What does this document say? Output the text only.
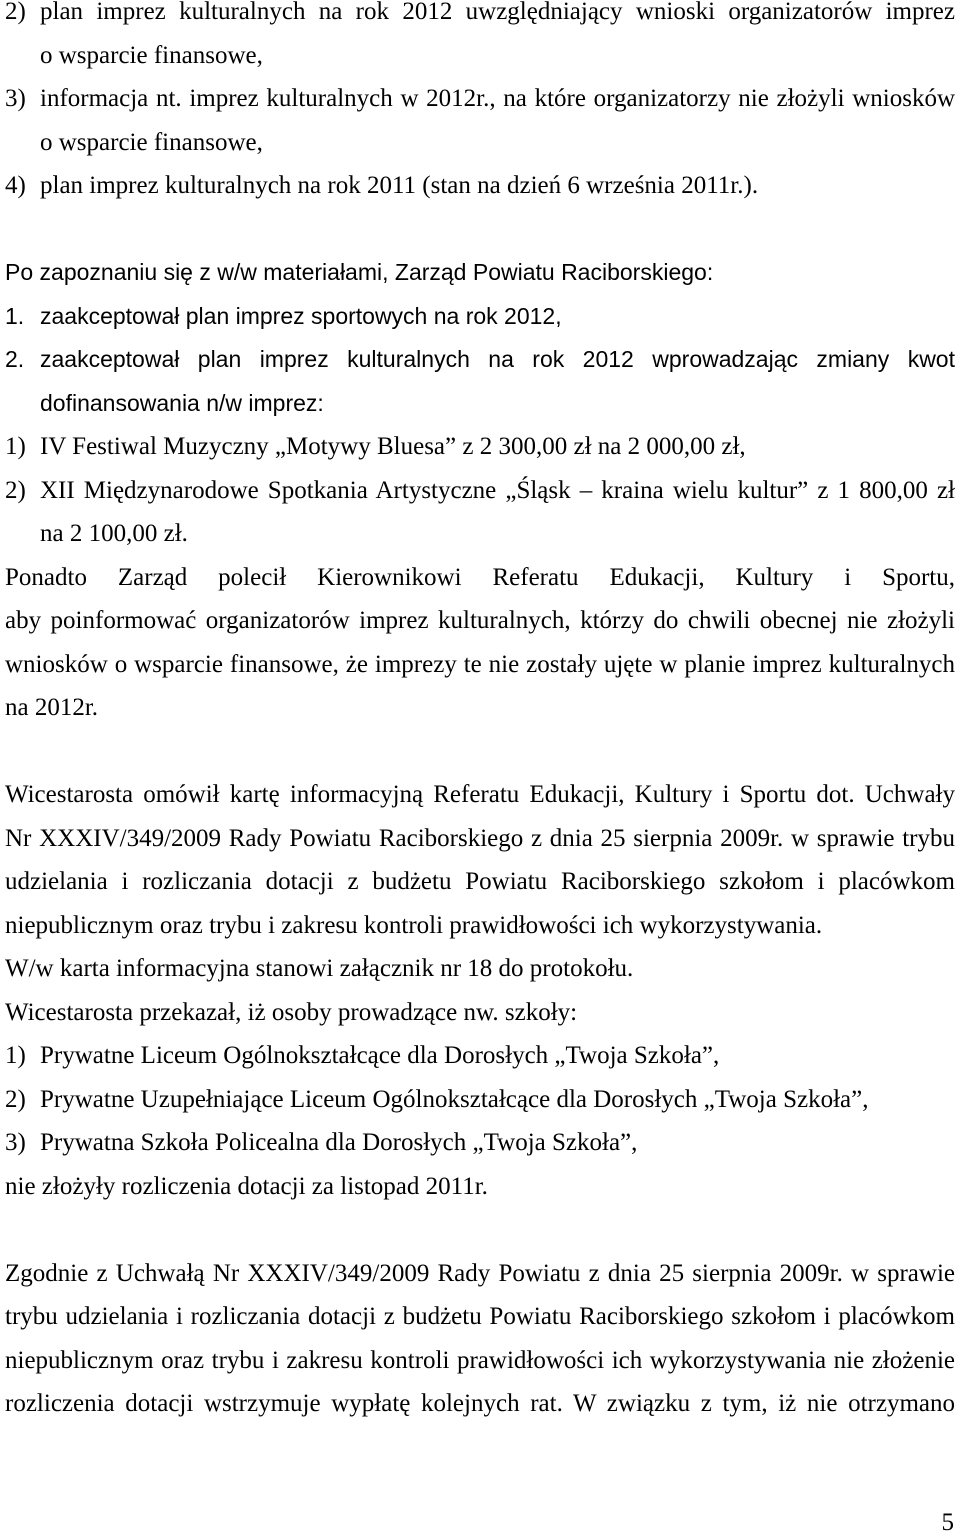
2) plan imprez kulturalnych na rok 2012 uwzględniający wnioski organizatorów imprez
o wsparcie finansowe,
3) informacja nt. imprez kulturalnych w 2012r., na które organizatorzy nie złożyli wniosków
o wsparcie finansowe,
4) plan imprez kulturalnych na rok 2011 (stan na dzień 6 września 2011r.).
Po zapoznaniu się z w/w materiałami, Zarząd Powiatu Raciborskiego:
1. zaakceptował plan imprez sportowych na rok 2012,
2. zaakceptował plan imprez kulturalnych na rok 2012 wprowadzając zmiany kwot
dofinansowania n/w imprez:
1) IV Festiwal Muzyczny „Motywy Bluesa” z 2 300,00 zł na 2 000,00 zł,
2) XII Międzynarodowe Spotkania Artystyczne „Śląsk – kraina wielu kultur” z 1 800,00 zł
na 2 100,00 zł.
Ponadto Zarząd polecił Kierownikowi Referatu Edukacji, Kultury i Sportu,
aby poinformować organizatorów imprez kulturalnych, którzy do chwili obecnej nie złożyli
wniosków o wsparcie finansowe, że imprezy te nie zostały ujęte w planie imprez kulturalnych
na 2012r.
Wicestarosta omówił kartę informacyjną Referatu Edukacji, Kultury i Sportu dot. Uchwały
Nr XXXIV/349/2009 Rady Powiatu Raciborskiego z dnia 25 sierpnia 2009r. w sprawie trybu
udzielania i rozliczania dotacji z budżetu Powiatu Raciborskiego szkołom i placówkom
niepublicznym oraz trybu i zakresu kontroli prawidłowości ich wykorzystywania.
W/w karta informacyjna stanowi załącznik nr 18 do protokołu.
Wicestarosta przekazał, iż osoby prowadzące nw. szkoły:
1) Prywatne Liceum Ogólnokształcące dla Dorosłych „Twoja Szkoła”,
2) Prywatne Uzupełniające Liceum Ogólnokształcące dla Dorosłych „Twoja Szkoła”,
3) Prywatna Szkoła Policealna dla Dorosłych „Twoja Szkoła”,
nie złożyły rozliczenia dotacji za listopad 2011r.
Zgodnie z Uchwałą Nr XXXIV/349/2009 Rady Powiatu z dnia 25 sierpnia 2009r. w sprawie
trybu udzielania i rozliczania dotacji z budżetu Powiatu Raciborskiego szkołom i placówkom
niepublicznym oraz trybu i zakresu kontroli prawidłowości ich wykorzystywania nie złożenie
rozliczenia dotacji wstrzymuje wypłatę kolejnych rat. W związku z tym, iż nie otrzymano
5
